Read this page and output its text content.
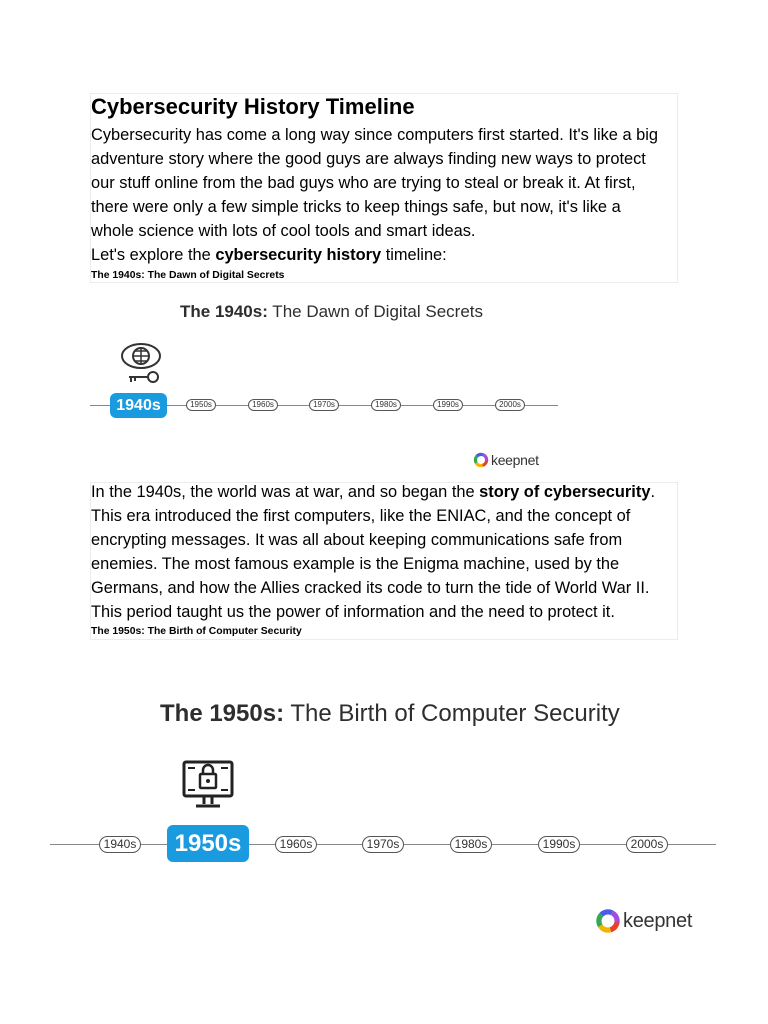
Cybersecurity History Timeline
Cybersecurity has come a long way since computers first started. It's like a big
adventure story where the good guys are always finding new ways to protect
our stuff online from the bad guys who are trying to steal or break it. At first,
there were only a few simple tricks to keep things safe, but now, it's like a
whole science with lots of cool tools and smart ideas.
Let's explore the cybersecurity history timeline:
The 1940s: The Dawn of Digital Secrets
The 1940s: The Dawn of Digital Secrets
1940s	1950s	1960s	1970s	1980s	1990s	2000s
keepnet
In the 1940s, the world was at war, and so began the story of cybersecurity.
This era introduced the first computers, like the ENIAC, and the concept of
encrypting messages. It was all about keeping communications safe from
enemies. The most famous example is the Enigma machine, used by the
Germans, and how the Allies cracked its code to turn the tide of World War II.
This period taught us the power of information and the need to protect it.
The 1950s: The Birth of Computer Security
The 1950s: The Birth of Computer Security
1940s	1950s	1960s	1970s	1980s	1990s	2000s
keepnet
